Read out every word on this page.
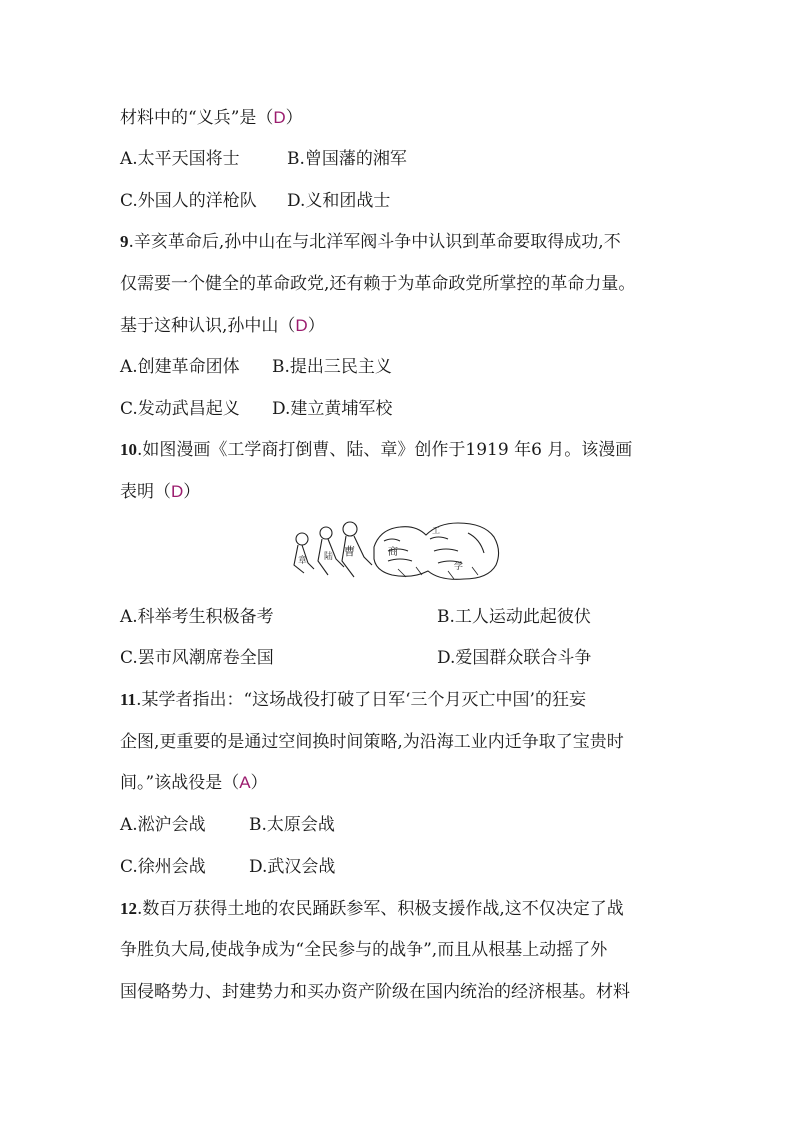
材料中的“义兵”是（D）
A.太平天国将士	B.曾国藩的湘军
C.外国人的洋枪队 D.义和团战士
9.辛亥革命后,孙中山在与北洋军阀斗争中认识到革命要取得成功,不
仅需要一个健全的革命政党,还有赖于为革命政党所掌控的革命力量。
基于这种认识,孙中山（D）
A.创建革命团体 B.提出三民主义
C.发动武昌起义 D.建立黄埔军校
10.如图漫画《工学商打倒曹、陆、章》创作于1919 年6 月。该漫画
表明（D）
章 陆 曹	商
学
工
A.科举考生积极备考	B.工人运动此起彼伏
C.罢市风潮席卷全国	D.爱国群众联合斗争
11.某学者指出：“这场战役打破了日军‘三个月灭亡中国’的狂妄
企图,更重要的是通过空间换时间策略,为沿海工业内迁争取了宝贵时
间。”该战役是（A）
A.淞沪会战	B.太原会战
C.徐州会战	D.武汉会战
12.数百万获得土地的农民踊跃参军、积极支援作战,这不仅决定了战
争胜负大局,使战争成为“全民参与的战争”,而且从根基上动摇了外
国侵略势力、封建势力和买办资产阶级在国内统治的经济根基。材料
